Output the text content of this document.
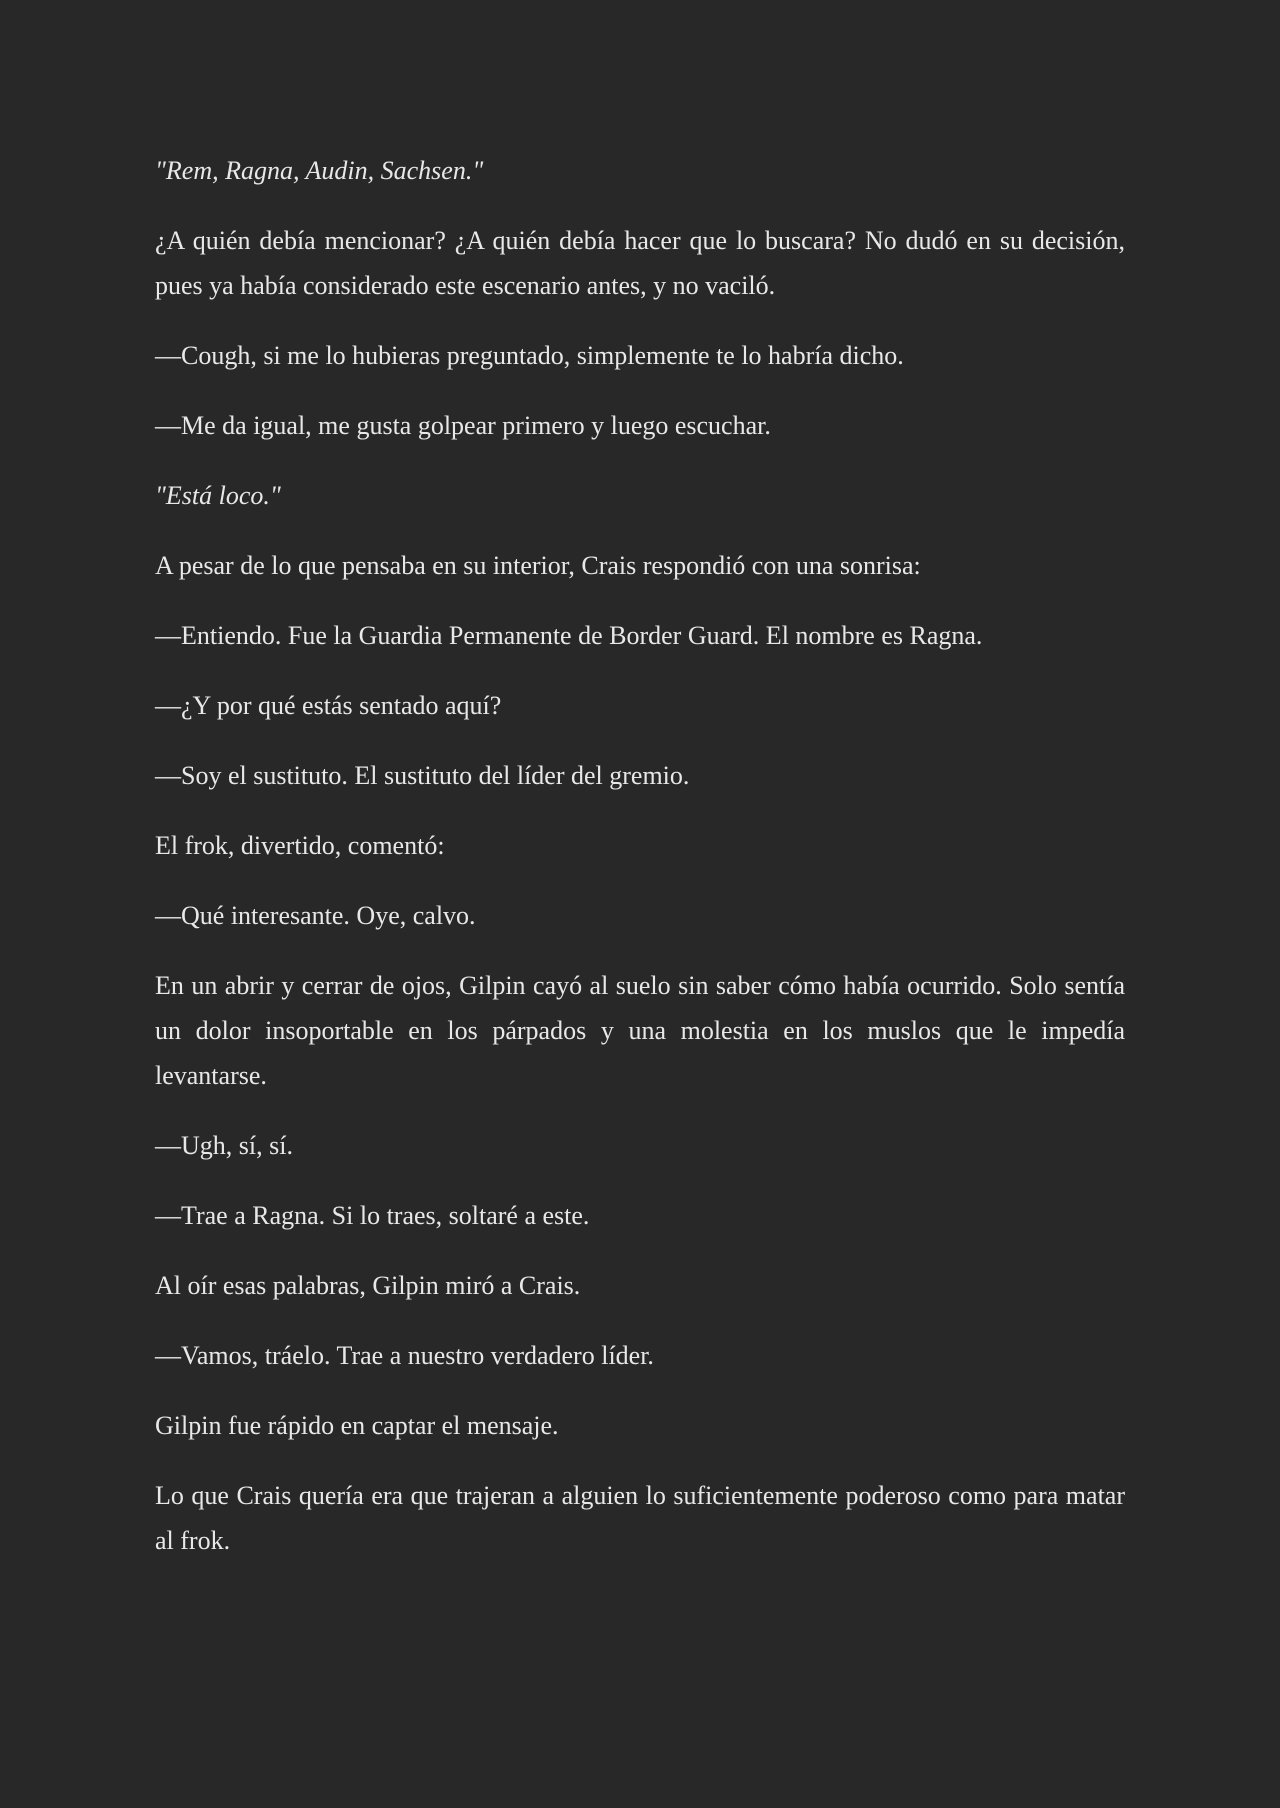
"Rem, Ragna, Audin, Sachsen."

¿A quién debía mencionar? ¿A quién debía hacer que lo buscara? No dudó en su decisión, pues ya había considerado este escenario antes, y no vaciló.

—Cough, si me lo hubieras preguntado, simplemente te lo habría dicho.

—Me da igual, me gusta golpear primero y luego escuchar.

"Está loco."

A pesar de lo que pensaba en su interior, Crais respondió con una sonrisa:

—Entiendo. Fue la Guardia Permanente de Border Guard. El nombre es Ragna.

—¿Y por qué estás sentado aquí?

—Soy el sustituto. El sustituto del líder del gremio.

El frok, divertido, comentó:

—Qué interesante. Oye, calvo.

En un abrir y cerrar de ojos, Gilpin cayó al suelo sin saber cómo había ocurrido. Solo sentía un dolor insoportable en los párpados y una molestia en los muslos que le impedía levantarse.

—Ugh, sí, sí.

—Trae a Ragna. Si lo traes, soltaré a este.

Al oír esas palabras, Gilpin miró a Crais.

—Vamos, tráelo. Trae a nuestro verdadero líder.

Gilpin fue rápido en captar el mensaje.

Lo que Crais quería era que trajeran a alguien lo suficientemente poderoso como para matar al frok.
